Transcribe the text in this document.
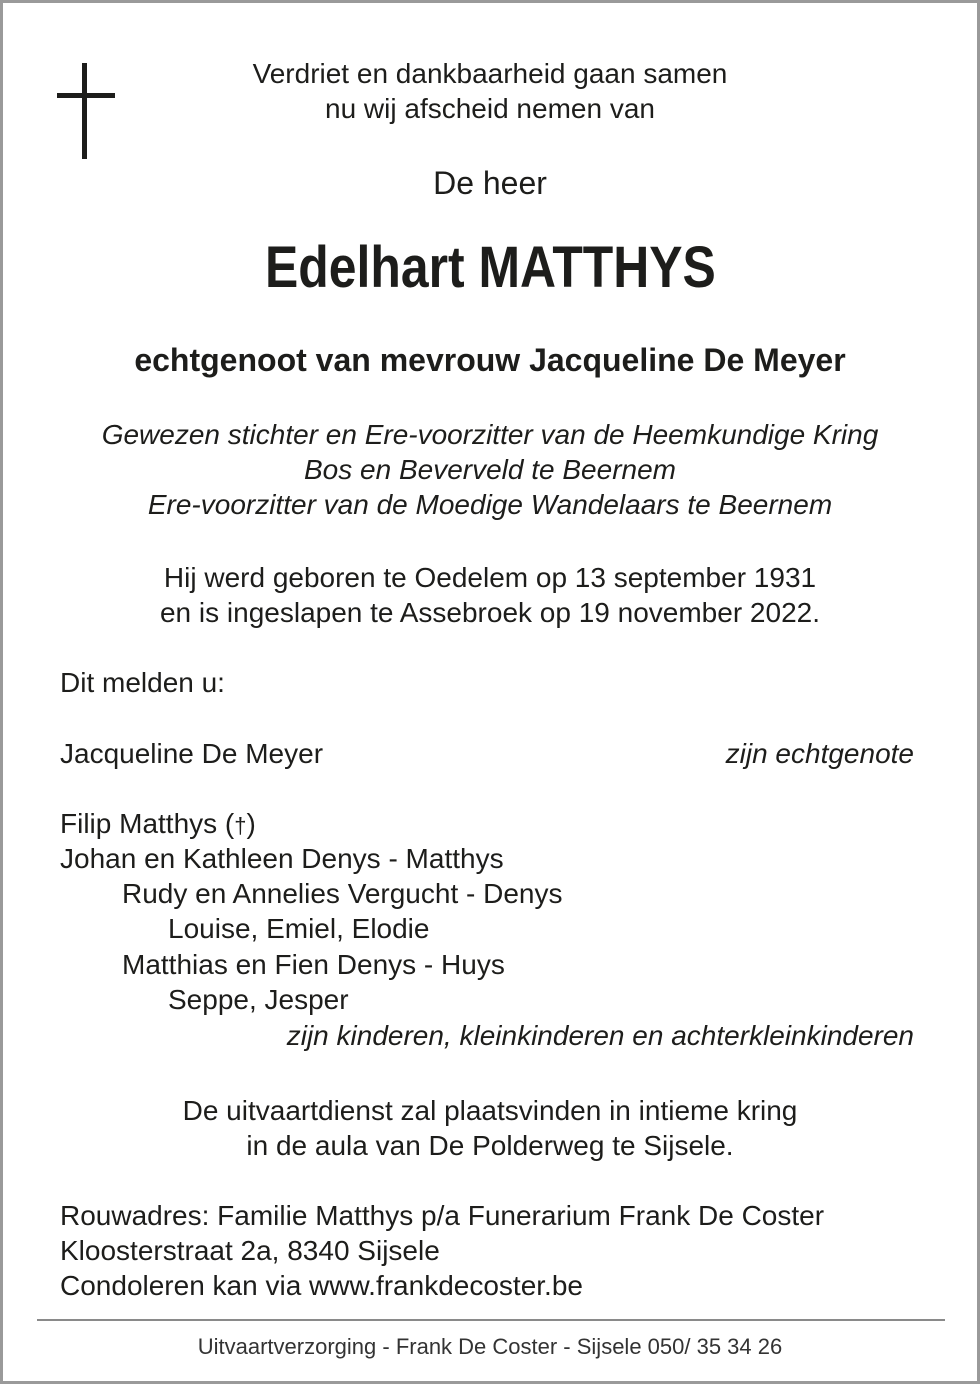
Verdriet en dankbaarheid gaan samen
nu wij afscheid nemen van
De heer
Edelhart MATTHYS
echtgenoot van mevrouw Jacqueline De Meyer
Gewezen stichter en Ere-voorzitter van de Heemkundige Kring
Bos en Beverveld te Beernem
Ere-voorzitter van de Moedige Wandelaars te Beernem
Hij werd geboren te Oedelem op 13 september 1931
en is ingeslapen te Assebroek op 19 november 2022.
Dit melden u:
Jacqueline De Meyer	zijn echtgenote
Filip Matthys (†)
Johan en Kathleen Denys - Matthys
Rudy en Annelies Vergucht - Denys
Louise, Emiel, Elodie
Matthias en Fien Denys - Huys
Seppe, Jesper
zijn kinderen, kleinkinderen en achterkleinkinderen
De uitvaartdienst zal plaatsvinden in intieme kring
in de aula van De Polderweg te Sijsele.
Rouwadres: Familie Matthys p/a Funerarium Frank De Coster
Kloosterstraat 2a, 8340 Sijsele
Condoleren kan via www.frankdecoster.be
Uitvaartverzorging - Frank De Coster - Sijsele 050/ 35 34 26
